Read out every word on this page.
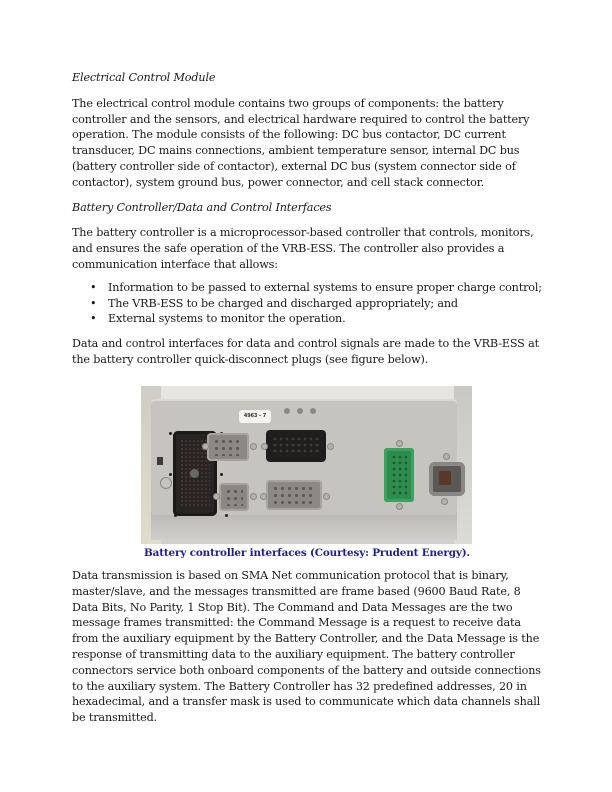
Electrical Control Module

The electrical control module contains two groups of components: the battery controller and the sensors, and electrical hardware required to control the battery operation. The module consists of the following: DC bus contactor, DC current transducer, DC mains connections, ambient temperature sensor, internal DC bus (battery controller side of contactor), external DC bus (system connector side of contactor), system ground bus, power connector, and cell stack connector.

Battery Controller/Data and Control Interfaces

The battery controller is a microprocessor-based controller that controls, monitors, and ensures the safe operation of the VRB-ESS. The controller also provides a communication interface that allows:

• Information to be passed to external systems to ensure proper charge control;
• The VRB-ESS to be charged and discharged appropriately; and
• External systems to monitor the operation.

Data and control interfaces for data and control signals are made to the VRB-ESS at the battery controller quick-disconnect plugs (see figure below).

4963 – 7
Battery controller interfaces (Courtesy: Prudent Energy).

Data transmission is based on SMA Net communication protocol that is binary, master/slave, and the messages transmitted are frame based (9600 Baud Rate, 8 Data Bits, No Parity, 1 Stop Bit). The Command and Data Messages are the two message frames transmitted: the Command Message is a request to receive data from the auxiliary equipment by the Battery Controller, and the Data Message is the response of transmitting data to the auxiliary equipment. The battery controller connectors service both onboard components of the battery and outside connections to the auxiliary system. The Battery Controller has 32 predefined addresses, 20 in hexadecimal, and a transfer mask is used to communicate which data channels shall be transmitted.
